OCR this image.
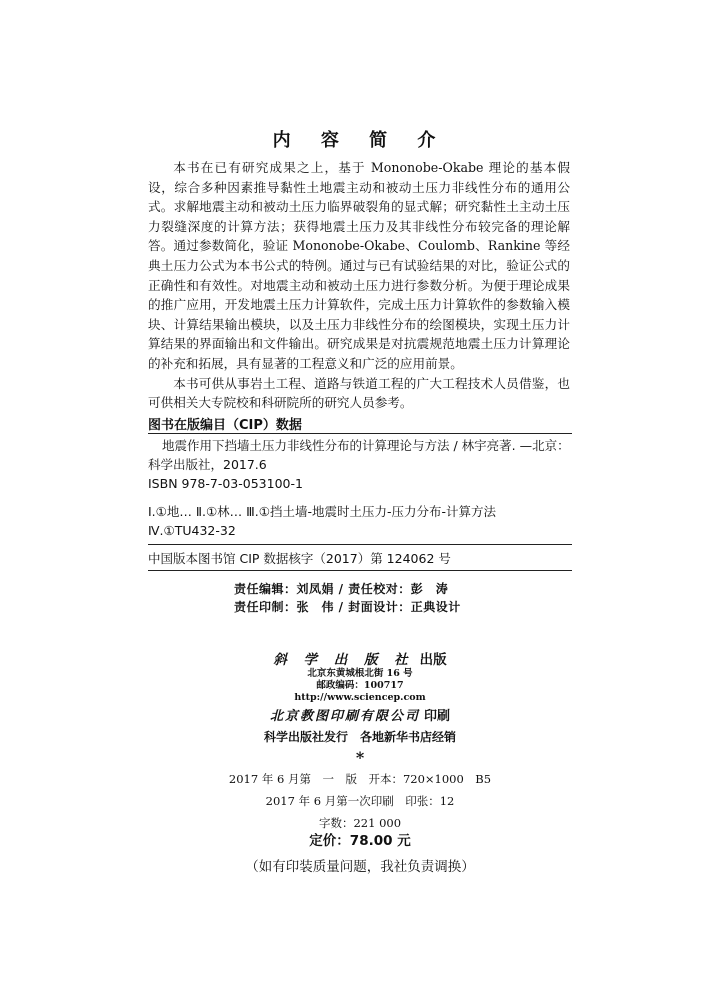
内 容 简 介

本书在已有研究成果之上，基于 Mononobe-Okabe 理论的基本假设，综合多种因素推导黏性土地震主动和被动土压力非线性分布的通用公式。求解地震主动和被动土压力临界破裂角的显式解；研究黏性土主动土压力裂缝深度的计算方法；获得地震土压力及其非线性分布较完备的理论解答。通过参数简化，验证 Mononobe-Okabe、Coulomb、Rankine 等经典土压力公式为本书公式的特例。通过与已有试验结果的对比，验证公式的正确性和有效性。对地震主动和被动土压力进行参数分析。为便于理论成果的推广应用，开发地震土压力计算软件，完成土压力计算软件的参数输入模块、计算结果输出模块，以及土压力非线性分布的绘图模块，实现土压力计算结果的界面输出和文件输出。研究成果是对抗震规范地震土压力计算理论的补充和拓展，具有显著的工程意义和广泛的应用前景。

本书可供从事岩土工程、道路与铁道工程的广大工程技术人员借鉴，也可供相关大专院校和科研院所的研究人员参考。

图书在版编目（CIP）数据
地震作用下挡墙土压力非线性分布的计算理论与方法 / 林宇亮著. —北京：
科学出版社，2017.6
ISBN 978-7-03-053100-1
Ⅰ.①地… Ⅱ.①林… Ⅲ.①挡土墙-地震时土压力-压力分布-计算方法
Ⅳ.①TU432-32
中国版本图书馆 CIP 数据核字（2017）第 124062 号
责任编辑：刘凤娟 / 责任校对：彭　涛
责任印制：张　伟 / 封面设计：正典设计
斜 学 出 版 社 出版
北京东黄城根北街 16 号
邮政编码：100717
http://www.sciencep.com
北京教图印刷有限公司 印刷
科学出版社发行　各地新华书店经销
*
2017 年 6 月第　一　版　开本：720×1000　B5
2017 年 6 月第一次印刷　印张：12
字数：221 000
定价：78.00 元
（如有印装质量问题，我社负责调换）
